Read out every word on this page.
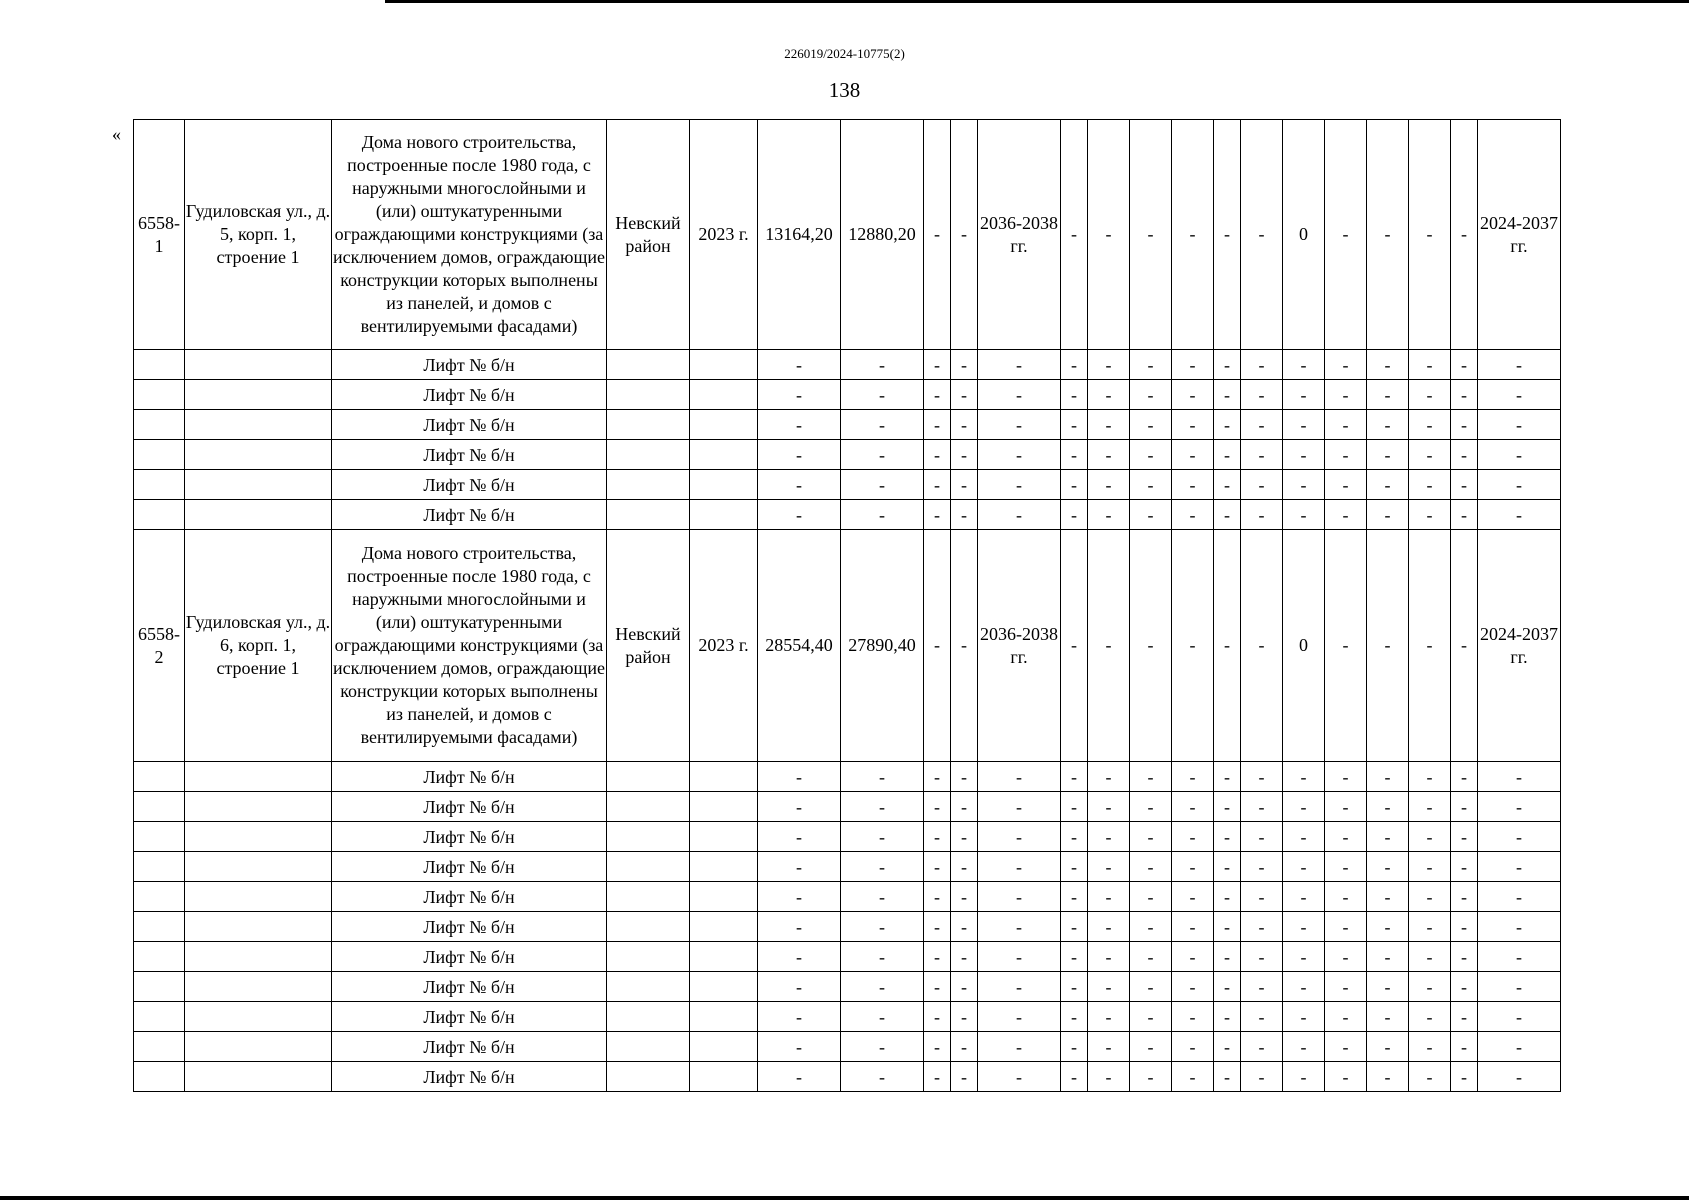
226019/2024-10775(2)
138
«
6558-1	Гудиловская ул., д. 5, корп. 1, строение 1	Дома нового строительства, построенные после 1980 года, с наружными многослойными и (или) оштукатуренными ограждающими конструкциями (за исключением домов, ограждающие конструкции которых выполнены из панелей, и домов с вентилируемыми фасадами)	Невский район	2023 г.	13164,20	12880,20	-	-	2036-2038 гг.	-	-	-	-	-	-	0	-	-	-	-	2024-2037 гг.	
		Лифт № б/н			-	-	-	-	-	-	-	-	-	-	-	-	-	-	-	-	-	
		Лифт № б/н			-	-	-	-	-	-	-	-	-	-	-	-	-	-	-	-	-	
		Лифт № б/н			-	-	-	-	-	-	-	-	-	-	-	-	-	-	-	-	-	
		Лифт № б/н			-	-	-	-	-	-	-	-	-	-	-	-	-	-	-	-	-	
		Лифт № б/н			-	-	-	-	-	-	-	-	-	-	-	-	-	-	-	-	-	
		Лифт № б/н			-	-	-	-	-	-	-	-	-	-	-	-	-	-	-	-	-	
6558-2	Гудиловская ул., д. 6, корп. 1, строение 1	Дома нового строительства, построенные после 1980 года, с наружными многослойными и (или) оштукатуренными ограждающими конструкциями (за исключением домов, ограждающие конструкции которых выполнены из панелей, и домов с вентилируемыми фасадами)	Невский район	2023 г.	28554,40	27890,40	-	-	2036-2038 гг.	-	-	-	-	-	-	0	-	-	-	-	2024-2037 гг.	
		Лифт № б/н			-	-	-	-	-	-	-	-	-	-	-	-	-	-	-	-	-	
		Лифт № б/н			-	-	-	-	-	-	-	-	-	-	-	-	-	-	-	-	-	
		Лифт № б/н			-	-	-	-	-	-	-	-	-	-	-	-	-	-	-	-	-	
		Лифт № б/н			-	-	-	-	-	-	-	-	-	-	-	-	-	-	-	-	-	
		Лифт № б/н			-	-	-	-	-	-	-	-	-	-	-	-	-	-	-	-	-	
		Лифт № б/н			-	-	-	-	-	-	-	-	-	-	-	-	-	-	-	-	-	
		Лифт № б/н			-	-	-	-	-	-	-	-	-	-	-	-	-	-	-	-	-	
		Лифт № б/н			-	-	-	-	-	-	-	-	-	-	-	-	-	-	-	-	-	
		Лифт № б/н			-	-	-	-	-	-	-	-	-	-	-	-	-	-	-	-	-	
		Лифт № б/н			-	-	-	-	-	-	-	-	-	-	-	-	-	-	-	-	-	
		Лифт № б/н			-	-	-	-	-	-	-	-	-	-	-	-	-	-	-	-	-	
